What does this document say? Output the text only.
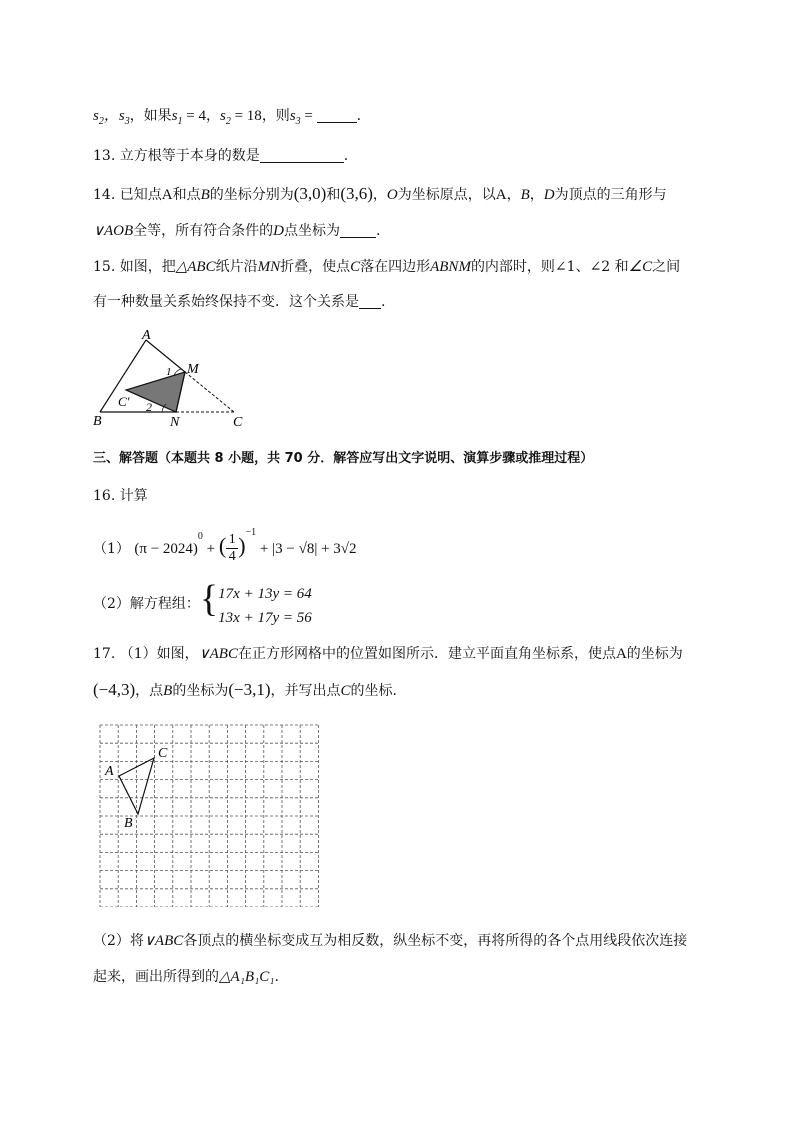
$s_2$，$s_3$，如果$s_1 = 4$，$s_2 = 18$，则$s_3$ =	.
13. 立方根等于本身的数是	.
14. 已知点A和点B的坐标分别为(3,0)和(3,6)，O为坐标原点，以A，B，D为顶点的三角形与
∨AOB全等，所有符合条件的D点坐标为	.
15. 如图，把△ABC纸片沿MN折叠，使点C落在四边形ABNM的内部时，则∠1、∠2 和∠C之间
有一种数量关系始终保持不变．这个关系是 .
A
B	C
M
N
C′
1
2
三、解答题（本题共 8 小题，共 70 分．解答应写出文字说明、演算步骤或推理过程）
16. 计算
（1） $(\pi - 2024)^0$ + ( $\frac{1}{4} )^{-1} + |3 - √8| + 3√2$
（2）解方程组：{ 17x + 13y = 64
13x + 17y = 56
17. （1）如图，∨ABC在正方形网格中的位置如图所示．建立平面直角坐标系，使点A的坐标为
(−4,3)，点B的坐标为(−3,1)，并写出点C的坐标．
A
C
B
（2）将∨ABC各顶点的横坐标变成互为相反数，纵坐标不变，再将所得的各个点用线段依次连接
起来，画出所得到的△A₁B₁C₁.
